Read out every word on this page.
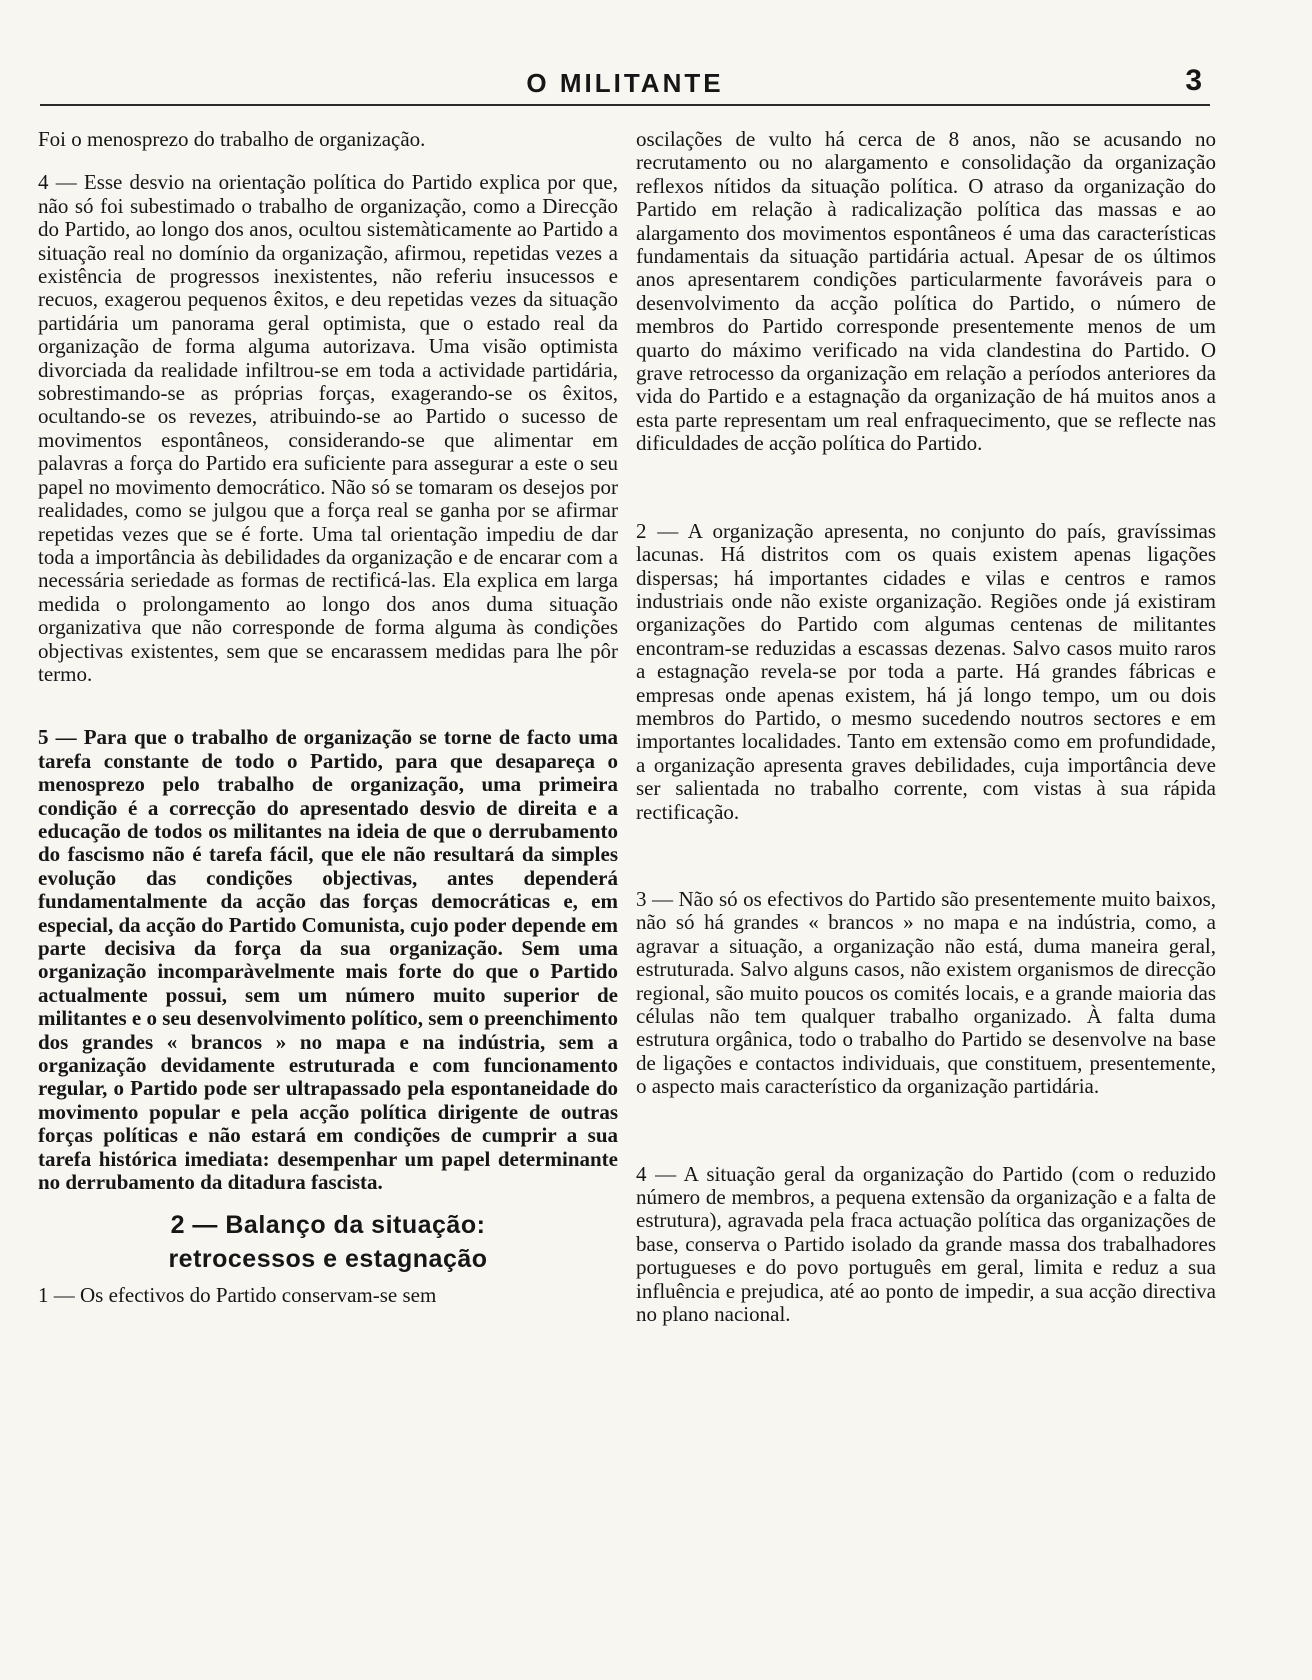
O MILITANTE	3

Foi o menosprezo do trabalho de organização.

4 — Esse desvio na orientação política do Partido explica por que, não só foi subestimado o trabalho de organização, como a Direcção do Partido, ao longo dos anos, ocultou sistemàticamente ao Partido a situação real no domínio da organização, afirmou, repetidas vezes a existência de progressos inexistentes, não referiu insucessos e recuos, exagerou pequenos êxitos, e deu repetidas vezes da situação partidária um panorama geral optimista, que o estado real da organização de forma alguma autorizava. Uma visão optimista divorciada da realidade infiltrou-se em toda a actividade partidária, sobrestimando-se as próprias forças, exagerando-se os êxitos, ocultando-se os revezes, atribuindo-se ao Partido o sucesso de movimentos espontâneos, considerando-se que alimentar em palavras a força do Partido era suficiente para assegurar a este o seu papel no movimento democrático. Não só se tomaram os desejos por realidades, como se julgou que a força real se ganha por se afirmar repetidas vezes que se é forte. Uma tal orientação impediu de dar toda a importância às debilidades da organização e de encarar com a necessária seriedade as formas de rectificá-las. Ela explica em larga medida o prolongamento ao longo dos anos duma situação organizativa que não corresponde de forma alguma às condições objectivas existentes, sem que se encarassem medidas para lhe pôr termo.

5 — Para que o trabalho de organização se torne de facto uma tarefa constante de todo o Partido, para que desapareça o menosprezo pelo trabalho de organização, uma primeira condição é a correcção do apresentado desvio de direita e a educação de todos os militantes na ideia de que o derrubamento do fascismo não é tarefa fácil, que ele não resultará da simples evolução das condições objectivas, antes dependerá fundamentalmente da acção das forças democráticas e, em especial, da acção do Partido Comunista, cujo poder depende em parte decisiva da força da sua organização. Sem uma organização incomparàvelmente mais forte do que o Partido actualmente possui, sem um número muito superior de militantes e o seu desenvolvimento político, sem o preenchimento dos grandes « brancos » no mapa e na indústria, sem a organização devidamente estruturada e com funcionamento regular, o Partido pode ser ultrapassado pela espontaneidade do movimento popular e pela acção política dirigente de outras forças políticas e não estará em condições de cumprir a sua tarefa histórica imediata: desempenhar um papel determinante no derrubamento da ditadura fascista.

2 — Balanço da situação:
retrocessos e estagnação

1 — Os efectivos do Partido conservam-se sem

oscilações de vulto há cerca de 8 anos, não se acusando no recrutamento ou no alargamento e consolidação da organização reflexos nítidos da situação política. O atraso da organização do Partido em relação à radicalização política das massas e ao alargamento dos movimentos espontâneos é uma das características fundamentais da situação partidária actual. Apesar de os últimos anos apresentarem condições particularmente favoráveis para o desenvolvimento da acção política do Partido, o número de membros do Partido corresponde presentemente menos de um quarto do máximo verificado na vida clandestina do Partido. O grave retrocesso da organização em relação a períodos anteriores da vida do Partido e a estagnação da organização de há muitos anos a esta parte representam um real enfraquecimento, que se reflecte nas dificuldades de acção política do Partido.

2 — A organização apresenta, no conjunto do país, gravíssimas lacunas. Há distritos com os quais existem apenas ligações dispersas; há importantes cidades e vilas e centros e ramos industriais onde não existe organização. Regiões onde já existiram organizações do Partido com algumas centenas de militantes encontram-se reduzidas a escassas dezenas. Salvo casos muito raros a estagnação revela-se por toda a parte. Há grandes fábricas e empresas onde apenas existem, há já longo tempo, um ou dois membros do Partido, o mesmo sucedendo noutros sectores e em importantes localidades. Tanto em extensão como em profundidade, a organização apresenta graves debilidades, cuja importância deve ser salientada no trabalho corrente, com vistas à sua rápida rectificação.

3 — Não só os efectivos do Partido são presentemente muito baixos, não só há grandes « brancos » no mapa e na indústria, como, a agravar a situação, a organização não está, duma maneira geral, estruturada. Salvo alguns casos, não existem organismos de direcção regional, são muito poucos os comités locais, e a grande maioria das células não tem qualquer trabalho organizado. À falta duma estrutura orgânica, todo o trabalho do Partido se desenvolve na base de ligações e contactos individuais, que constituem, presentemente, o aspecto mais característico da organização partidária.

4 — A situação geral da organização do Partido (com o reduzido número de membros, a pequena extensão da organização e a falta de estrutura), agravada pela fraca actuação política das organizações de base, conserva o Partido isolado da grande massa dos trabalhadores portugueses e do povo português em geral, limita e reduz a sua influência e prejudica, até ao ponto de impedir, a sua acção directiva no plano nacional.
